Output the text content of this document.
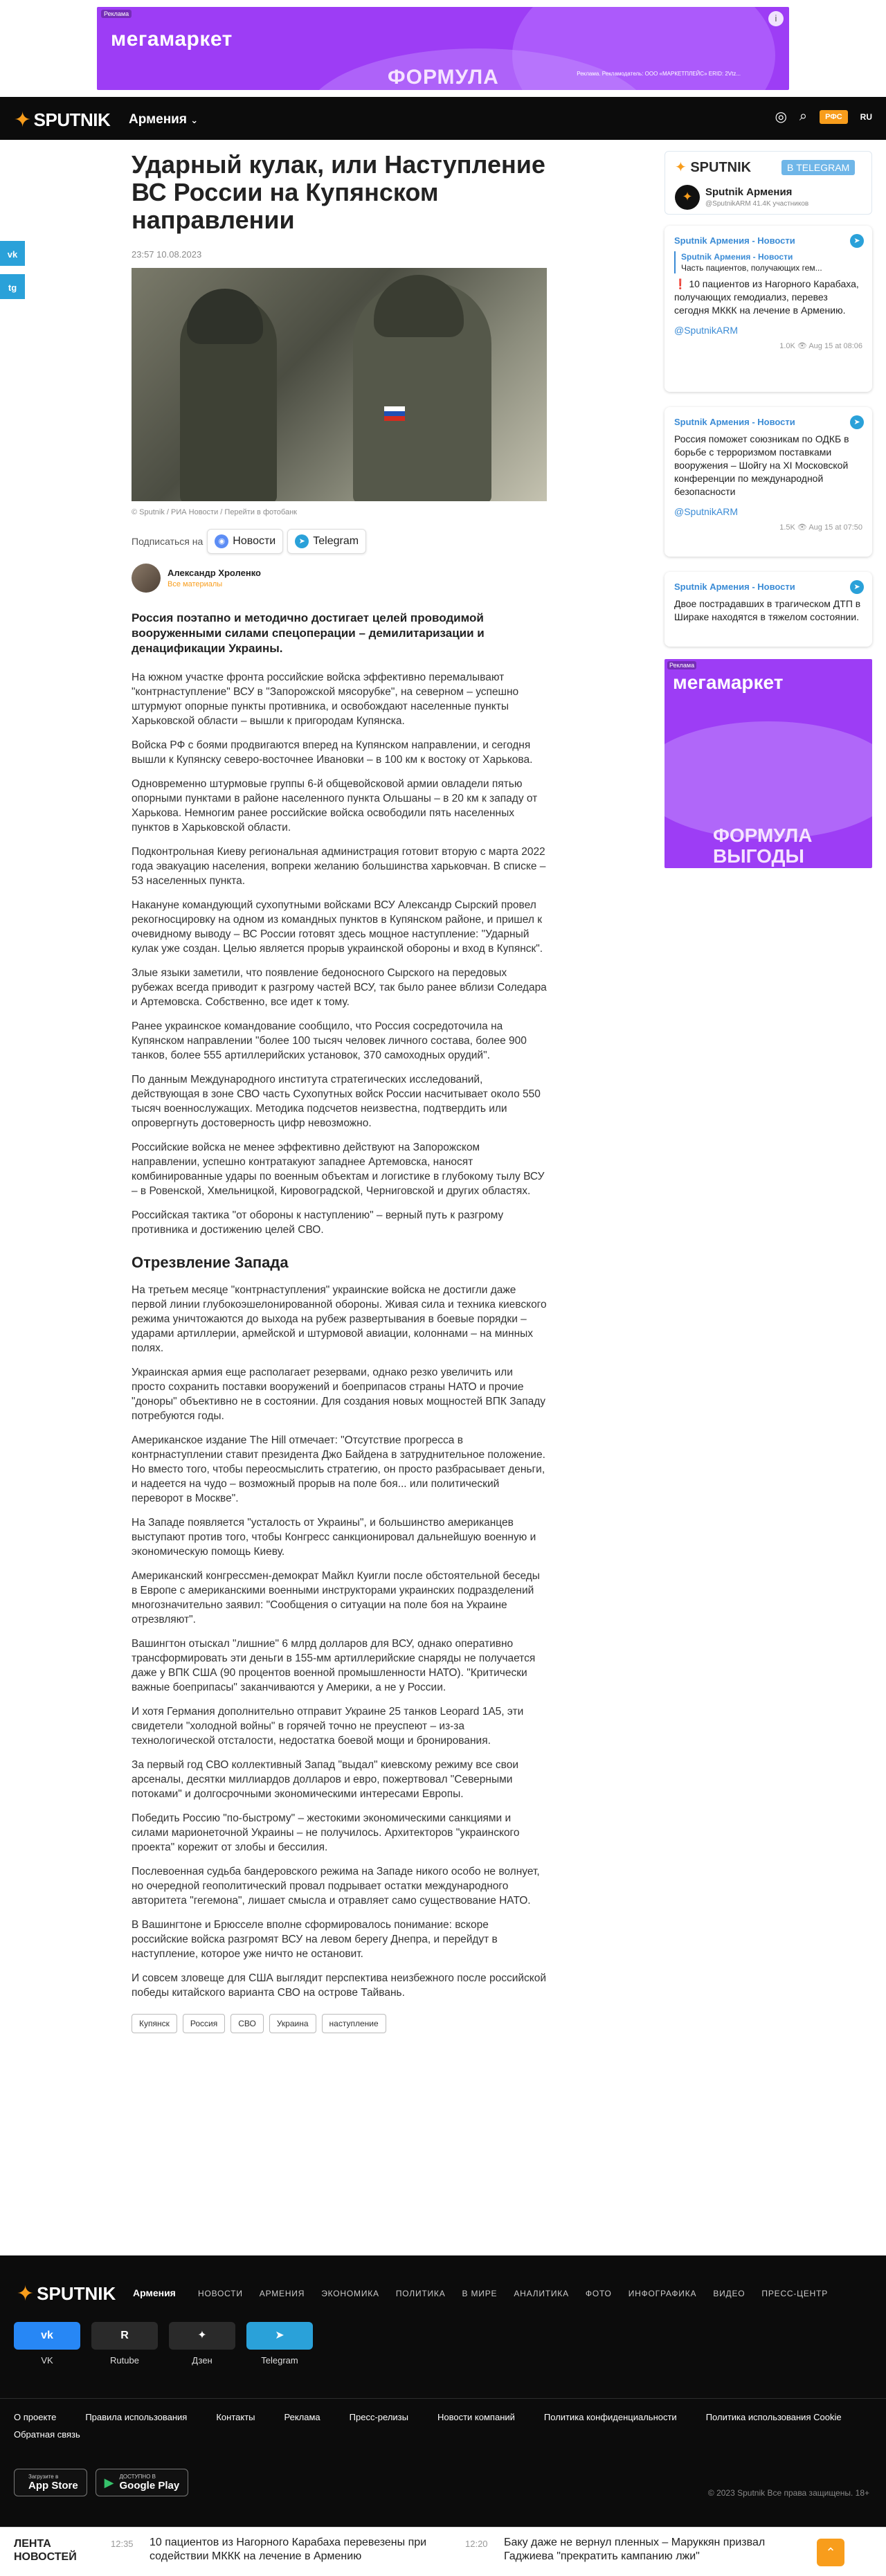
Реклама
мегамаркет
ФОРМУЛА	Реклама. Рекламодатель: ООО «МАРКЕТПЛЕЙС» ERID: 2Vtz...
i
✦ SPUTNIK Армения ⌄	◎ ⌕	РФС	RU
vk
tg
Ударный кулак, или Наступление ВС России на Купянском направлении
23:57 10.08.2023
© Sputnik / РИА Новости / Перейти в фотобанк
Подписаться на	◉ Новости	➤ Telegram
Александр Хроленко
Все материалы
Россия поэтапно и методично достигает целей проводимой вооруженными силами спецоперации – демилитаризации и денацификации Украины.

На южном участке фронта российские войска эффективно перемалывают "контрнаступление" ВСУ в "Запорожской мясорубке", на северном – успешно штурмуют опорные пункты противника, и освобождают населенные пункты Харьковской области – вышли к пригородам Купянска.

Войска РФ с боями продвигаются вперед на Купянском направлении, и сегодня вышли к Купянску северо-восточнее Ивановки – в 100 км к востоку от Харькова.

Одновременно штурмовые группы 6-й общевойсковой армии овладели пятью опорными пунктами в районе населенного пункта Ольшаны – в 20 км к западу от Харькова. Немногим ранее российские войска освободили пять населенных пунктов в Харьковской области.

Подконтрольная Киеву региональная администрация готовит вторую с марта 2022 года эвакуацию населения, вопреки желанию большинства харьковчан. В списке – 53 населенных пункта.

Накануне командующий сухопутными войсками ВСУ Александр Сырский провел рекогносцировку на одном из командных пунктов в Купянском районе, и пришел к очевидному выводу – ВС России готовят здесь мощное наступление: "Ударный кулак уже создан. Целью является прорыв украинской обороны и вход в Купянск".

Злые языки заметили, что появление бедоносного Сырского на передовых рубежах всегда приводит к разгрому частей ВСУ, так было ранее вблизи Соледара и Артемовска. Собственно, все идет к тому.

Ранее украинское командование сообщило, что Россия сосредоточила на Купянском направлении "более 100 тысяч человек личного состава, более 900 танков, более 555 артиллерийских установок, 370 самоходных орудий".

По данным Международного института стратегических исследований, действующая в зоне СВО часть Сухопутных войск России насчитывает около 550 тысяч военнослужащих. Методика подсчетов неизвестна, подтвердить или опровергнуть достоверность цифр невозможно.

Российские войска не менее эффективно действуют на Запорожском направлении, успешно контратакуют западнее Артемовска, наносят комбинированные удары по военным объектам и логистике в глубокому тылу ВСУ – в Ровенской, Хмельницкой, Кировоградской, Черниговской и других областях.

Российская тактика "от обороны к наступлению" – верный путь к разгрому противника и достижению целей СВО.

Отрезвление Запада

На третьем месяце "контрнаступления" украинские войска не достигли даже первой линии глубокоэшелонированной обороны. Живая сила и техника киевского режима уничтожаются до выхода на рубеж развертывания в боевые порядки – ударами артиллерии, армейской и штурмовой авиации, колоннами – на минных полях.

Украинская армия еще располагает резервами, однако резко увеличить или просто сохранить поставки вооружений и боеприпасов страны НАТО и прочие "доноры" объективно не в состоянии. Для создания новых мощностей ВПК Западу потребуются годы.

Американское издание The Hill отмечает: "Отсутствие прогресса в контрнаступлении ставит президента Джо Байдена в затруднительное положение. Но вместо того, чтобы переосмыслить стратегию, он просто разбрасывает деньги, и надеется на чудо – возможный прорыв на поле боя... или политический переворот в Москве".

На Западе появляется "усталость от Украины", и большинство американцев выступают против того, чтобы Конгресс санкционировал дальнейшую военную и экономическую помощь Киеву.

Американский конгрессмен-демократ Майкл Куигли после обстоятельной беседы в Европе с американскими военными инструкторами украинских подразделений многозначительно заявил: "Сообщения о ситуации на поле боя на Украине отрезвляют".

Вашингтон отыскал "лишние" 6 млрд долларов для ВСУ, однако оперативно трансформировать эти деньги в 155-мм артиллерийские снаряды не получается даже у ВПК США (90 процентов военной промышленности НАТО). "Критически важные боеприпасы" заканчиваются у Америки, а не у России.

И хотя Германия дополнительно отправит Украине 25 танков Leopard 1A5, эти свидетели "холодной войны" в горячей точно не преуспеют – из-за технологической отсталости, недостатка боевой мощи и бронирования.

За первый год СВО коллективный Запад "выдал" киевскому режиму все свои арсеналы, десятки миллиардов долларов и евро, пожертвовал "Северными потоками" и долгосрочными экономическими интересами Европы.

Победить Россию "по-быстрому" – жестокими экономическими санкциями и силами марионеточной Украины – не получилось. Архитекторов "украинского проекта" корежит от злобы и бессилия.

Послевоенная судьба бандеровского режима на Западе никого особо не волнует, но очередной геополитический провал подрывает остатки международного авторитета "гегемона", лишает смысла и отравляет само существование НАТО.

В Вашингтоне и Брюсселе вполне сформировалось понимание: вскоре российские войска разгромят ВСУ на левом берегу Днепра, и перейдут в наступление, которое уже ничто не остановит.

И совсем зловеще для США выглядит перспектива неизбежного после российской победы китайского варианта СВО на острове Тайвань.

Купянск	Россия	СВО	Украина	наступление
✦ SPUTNIK	В TELEGRAM
✦	Sputnik Армения
@SputnikARM 41.4K участников
➤
Sputnik Армения - Новости
Sputnik Армения - Новости
Часть пациентов, получающих гем...
❗ 10 пациентов из Нагорного Карабаха, получающих гемодиализ, перевез сегодня МККК на лечение в Армению.
@SputnikARM
1.0K 👁 Aug 15 at 08:06
➤
Sputnik Армения - Новости
Россия поможет союзникам по ОДКБ в борьбе с терроризмом поставками вооружения – Шойгу на XI Московской конференции по международной безопасности
@SputnikARM
1.5K 👁 Aug 15 at 07:50
➤
Sputnik Армения - Новости
Двое пострадавших в трагическом ДТП в Шираке находятся в тяжелом состоянии.
Реклама
мегамаркет
ФОРМУЛА ВЫГОДЫ
✦ SPUTNIK Армения	НОВОСТИ АРМЕНИЯ ЭКОНОМИКА ПОЛИТИКА В МИРЕ АНАЛИТИКА ФОТО ИНФОГРАФИКА ВИДЕО ПРЕСС-ЦЕНТР
vk
VK
R
Rutube
✦
Дзен
➤
Telegram
О проекте	Правила использования	Контакты	Реклама	Пресс-релизы	Новости компаний	Политика конфиденциальности	Политика использования Cookie
Обратная связь
Загрузите в
App Store ▶ ДОСТУПНО В
Google Play
© 2023 Sputnik Все права защищены. 18+
ЛЕНТА
НОВОСТЕЙ
12:35 10 пациентов из Нагорного Карабаха перевезены при содействии МККК на лечение в Армению
12:20 Баку даже не вернул пленных – Маруккян призвал Гаджиева "прекратить кампанию лжи"	⌃
